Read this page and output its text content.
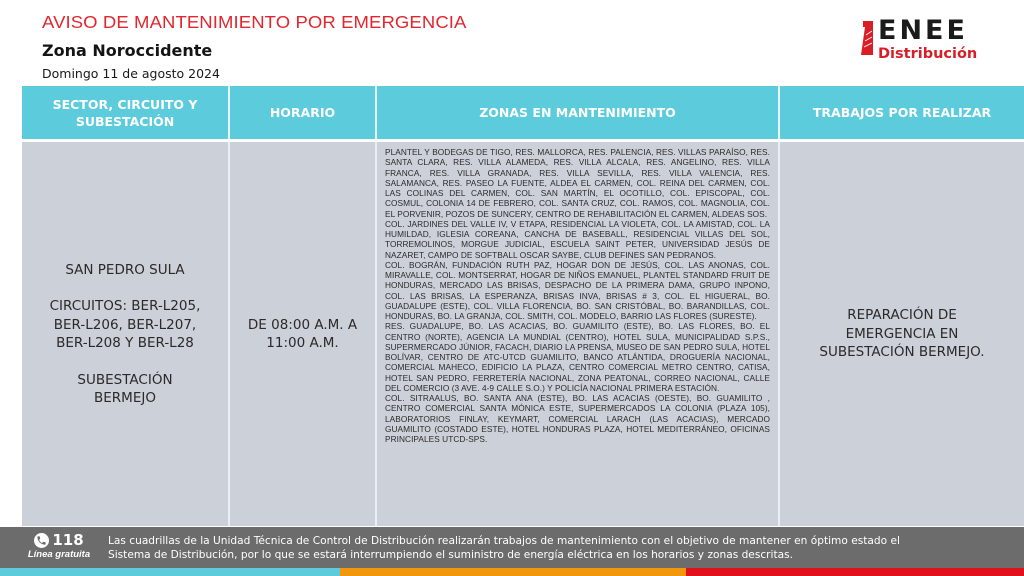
AVISO DE MANTENIMIENTO POR EMERGENCIA
Zona Noroccidente
Domingo 11 de agosto 2024
ENEE
Distribución
SECTOR, CIRCUITO Y
SUBESTACIÓN
HORARIO	ZONAS EN MANTENIMIENTO	TRABAJOS POR REALIZAR

SAN PEDRO SULA

CIRCUITOS: BER-L205,

BER-L206, BER-L207,

BER-L208 Y BER-L28

SUBESTACIÓN

BERMEJO

DE 08:00 A.M. A
11:00 A.M.

PLANTEL Y BODEGAS DE TIGO, RES. MALLORCA, RES. PALENCIA, RES. VILLAS PARAÍSO, RES. SANTA CLARA, RES. VILLA ALAMEDA, RES. VILLA ALCALA, RES. ANGELINO, RES. VILLA FRANCA, RES. VILLA GRANADA, RES. VILLA SEVILLA, RES. VILLA VALENCIA, RES. SALAMANCA, RES. PASEO LA FUENTE, ALDEA EL CARMEN, COL. REINA DEL CARMEN, COL. LAS COLINAS DEL CARMEN, COL. SAN MARTÍN, EL OCOTILLO, COL. EPISCOPAL, COL. COSMUL, COLONIA 14 DE FEBRERO, COL. SANTA CRUZ, COL. RAMOS, COL. MAGNOLIA, COL. EL PORVENIR, POZOS DE SUNCERY, CENTRO DE REHABILITACIÓN EL CARMEN, ALDEAS SOS.

COL. JARDINES DEL VALLE IV, V ETAPA, RESIDENCIAL LA VIOLETA, COL. LA AMISTAD, COL. LA HUMILDAD, IGLESIA COREANA, CANCHA DE BASEBALL, RESIDENCIAL VILLAS DEL SOL, TORREMOLINOS, MORGUE JUDICIAL, ESCUELA SAINT PETER, UNIVERSIDAD JESÚS DE NAZARET, CAMPO DE SOFTBALL OSCAR SAYBE, CLUB DEFINES SAN PEDRANOS.

COL. BOGRÁN, FUNDACIÓN RUTH PAZ, HOGAR DON DE JESÚS, COL. LAS ANONAS, COL. MIRAVALLE, COL. MONTSERRAT, HOGAR DE NIÑOS EMANUEL, PLANTEL STANDARD FRUIT DE HONDURAS, MERCADO LAS BRISAS, DESPACHO DE LA PRIMERA DAMA, GRUPO INPONO, COL. LAS BRISAS, LA ESPERANZA, BRISAS INVA, BRISAS # 3, COL. EL HIGUERAL, BO. GUADALUPE (ESTE), COL. VILLA FLORENCIA, BO. SAN CRISTÓBAL, BO. BARANDILLAS, COL. HONDURAS, BO. LA GRANJA, COL. SMITH, COL. MODELO, BARRIO LAS FLORES (SURESTE).

RES. GUADALUPE, BO. LAS ACACIAS, BO. GUAMILITO (ESTE), BO. LAS FLORES, BO. EL CENTRO (NORTE), AGENCIA LA MUNDIAL (CENTRO), HOTEL SULA, MUNICIPALIDAD S.P.S., SUPERMERCADO JÚNIOR, FACACH, DIARIO LA PRENSA, MUSEO DE SAN PEDRO SULA, HOTEL BOLÍVAR, CENTRO DE ATC-UTCD GUAMILITO, BANCO ATLÁNTIDA, DROGUERÍA NACIONAL, COMERCIAL MAHECO, EDIFICIO LA PLAZA, CENTRO COMERCIAL METRO CENTRO, CATISA, HOTEL SAN PEDRO, FERRETERÍA NACIONAL, ZONA PEATONAL, CORREO NACIONAL, CALLE DEL COMERCIO (3 AVE. 4-9 CALLE S.O.) Y POLICÍA NACIONAL PRIMERA ESTACIÓN.

COL. SITRAALUS, BO. SANTA ANA (ESTE), BO. LAS ACACIAS (OESTE), BO. GUAMILITO , CENTRO COMERCIAL SANTA MÓNICA ESTE, SUPERMERCADOS LA COLONIA (PLAZA 105), LABORATORIOS FINLAY, KEYMART, COMERCIAL LARACH (LAS ACACIAS), MERCADO GUAMILITO (COSTADO ESTE), HOTEL HONDURAS PLAZA, HOTEL MEDITERRÁNEO, OFICINAS PRINCIPALES UTCD-SPS.

REPARACIÓN DE
EMERGENCIA EN
SUBESTACIÓN BERMEJO.
118
Línea gratuita
Las cuadrillas de la Unidad Técnica de Control de Distribución realizarán trabajos de mantenimiento con el objetivo de mantener en óptimo estado el
Sistema de Distribución, por lo que se estará interrumpiendo el suministro de energía eléctrica en los horarios y zonas descritas.
